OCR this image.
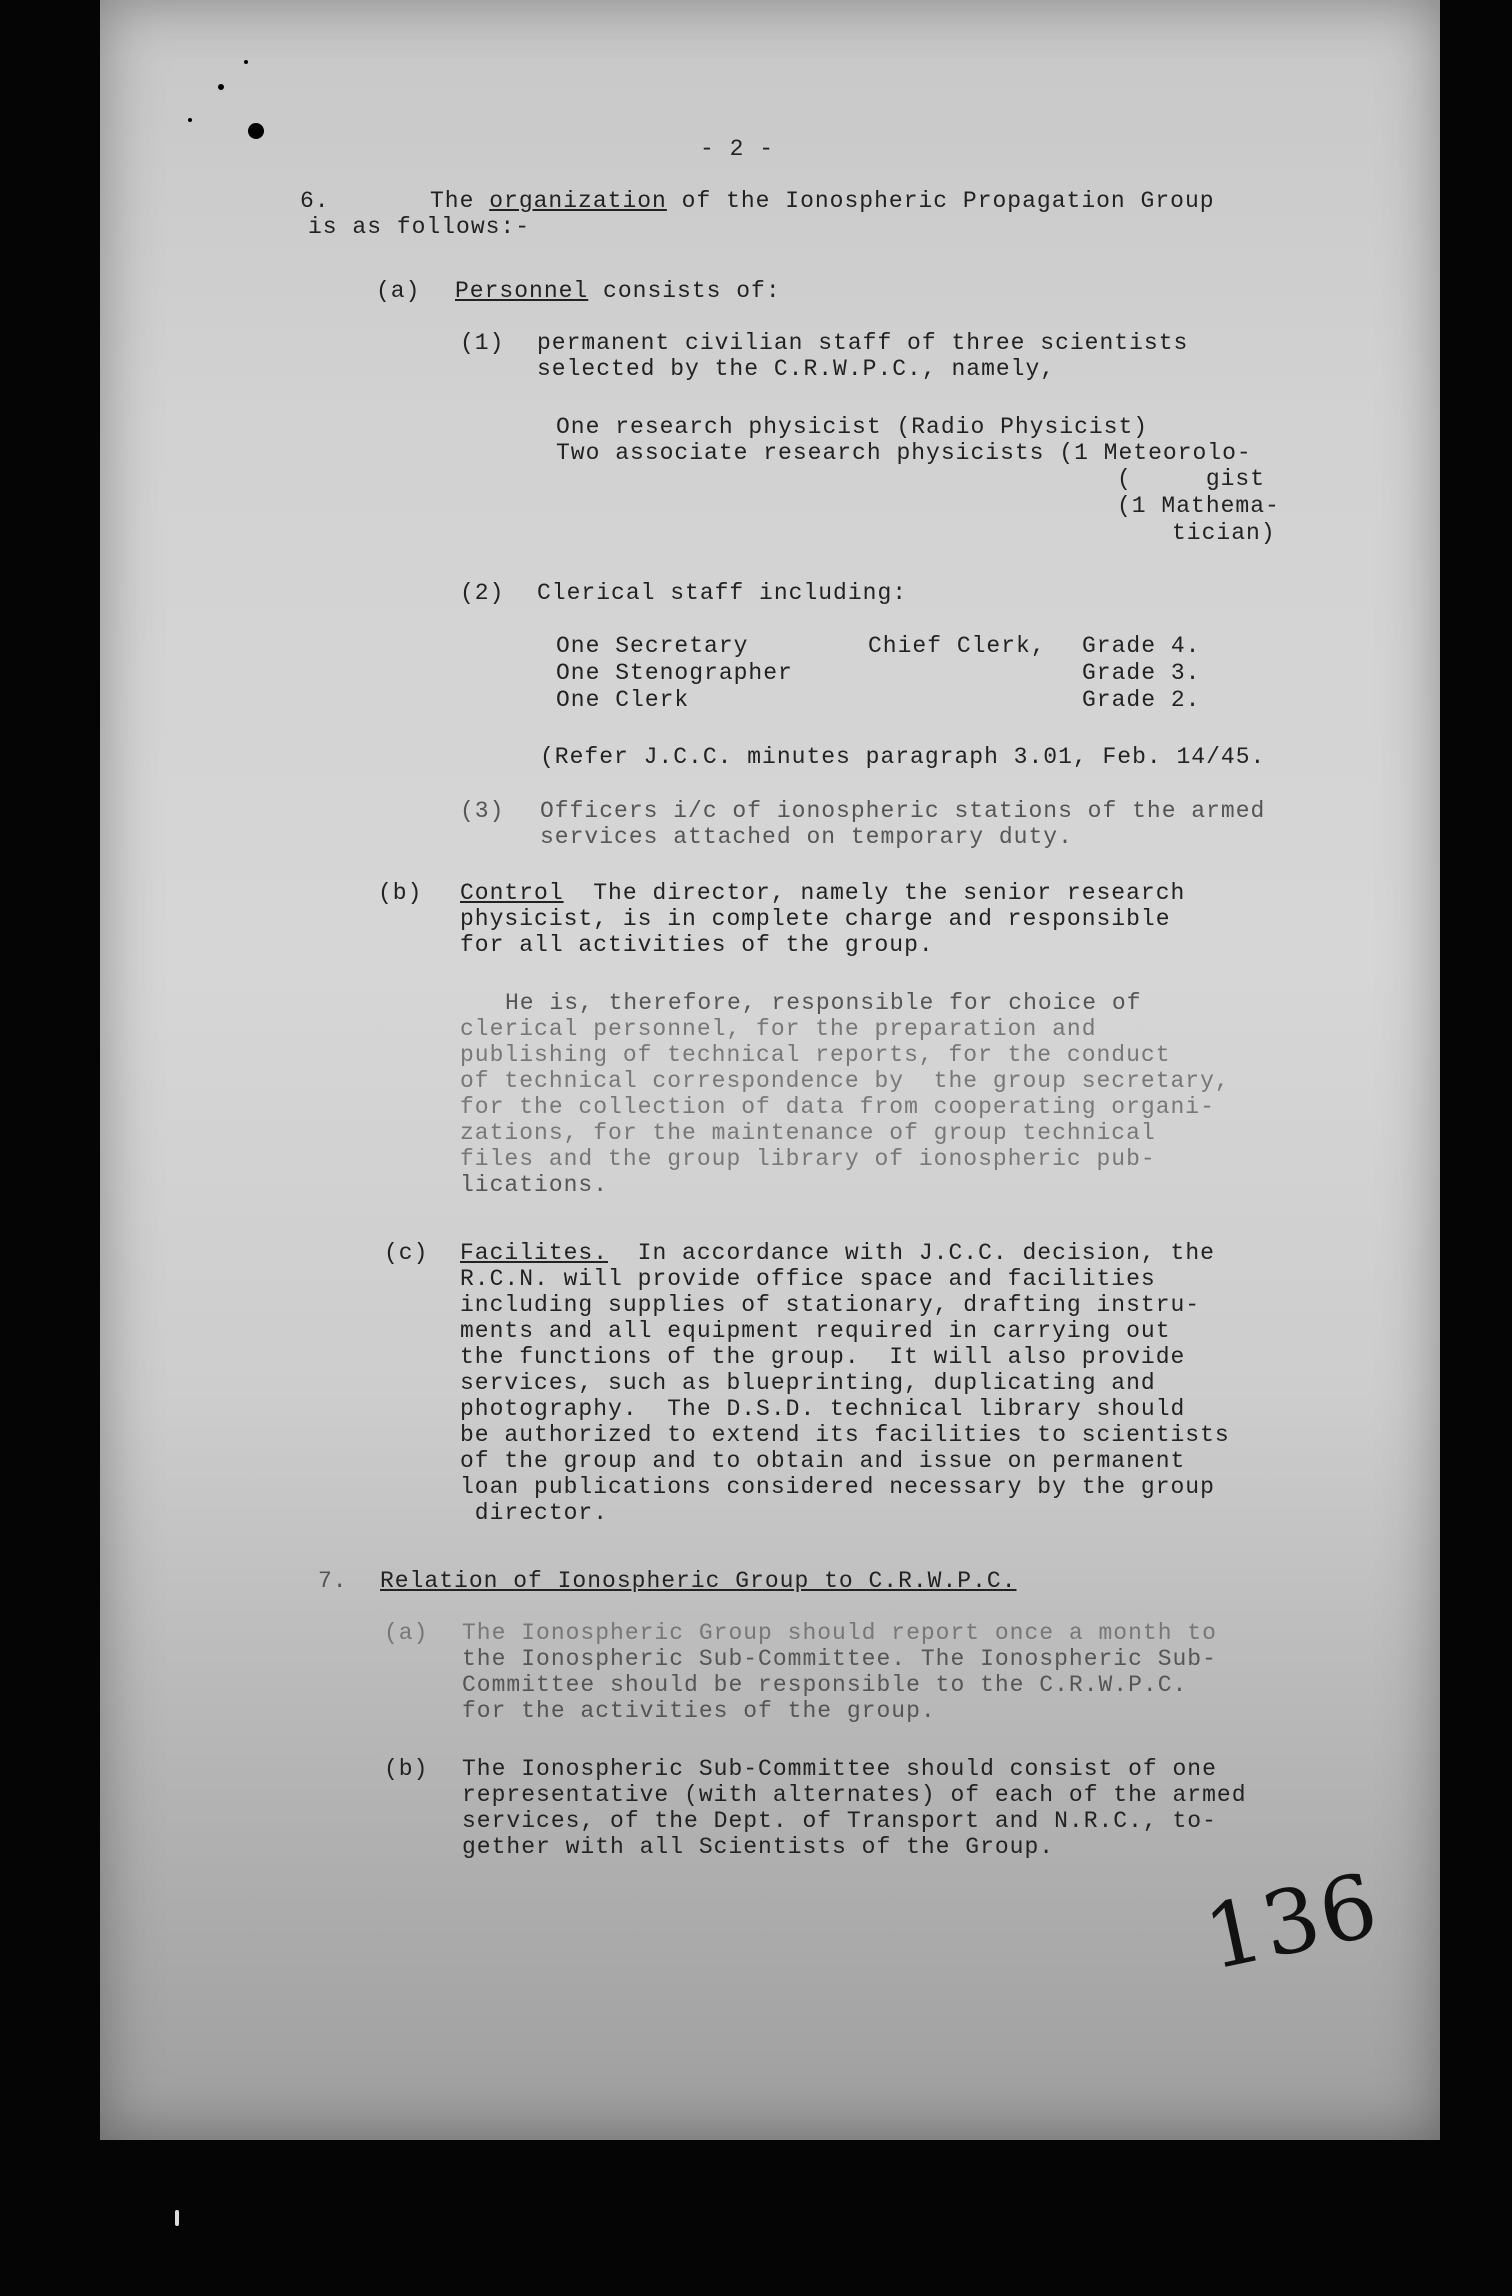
- 2 -
6.	The organization of the Ionospheric Propagation Group
is as follows:-
(a) Personnel consists of:
(1) permanent civilian staff of three scientists
selected by the C.R.W.P.C., namely,
One research physicist (Radio Physicist)
Two associate research physicists (1 Meteorolo-
(     gist
(1 Mathema-
tician)
(2) Clerical staff including:
One Secretary	Chief Clerk, Grade 4.
One Stenographer	Grade 3.
One Clerk	Grade 2.
(Refer J.C.C. minutes paragraph 3.01, Feb. 14/45.
(3) Officers i/c of ionospheric stations of the armed
services attached on temporary duty.
(b) Control  The director, namely the senior research
physicist, is in complete charge and responsible
for all activities of the group.
He is, therefore, responsible for choice of
clerical personnel, for the preparation and
publishing of technical reports, for the conduct
of technical correspondence by  the group secretary,
for the collection of data from cooperating organi-
zations, for the maintenance of group technical
files and the group library of ionospheric pub-
lications.
(c) Facilites.  In accordance with J.C.C. decision, the
R.C.N. will provide office space and facilities
including supplies of stationary, drafting instru-
ments and all equipment required in carrying out
the functions of the group.  It will also provide
services, such as blueprinting, duplicating and
photography.  The D.S.D. technical library should
be authorized to extend its facilities to scientists
of the group and to obtain and issue on permanent
loan publications considered necessary by the group
director.
7. Relation of Ionospheric Group to C.R.W.P.C.
(a) The Ionospheric Group should report once a month to
the Ionospheric Sub-Committee. The Ionospheric Sub-
Committee should be responsible to the C.R.W.P.C.
for the activities of the group.
(b) The Ionospheric Sub-Committee should consist of one
representative (with alternates) of each of the armed
services, of the Dept. of Transport and N.R.C., to-
gether with all Scientists of the Group.
136
